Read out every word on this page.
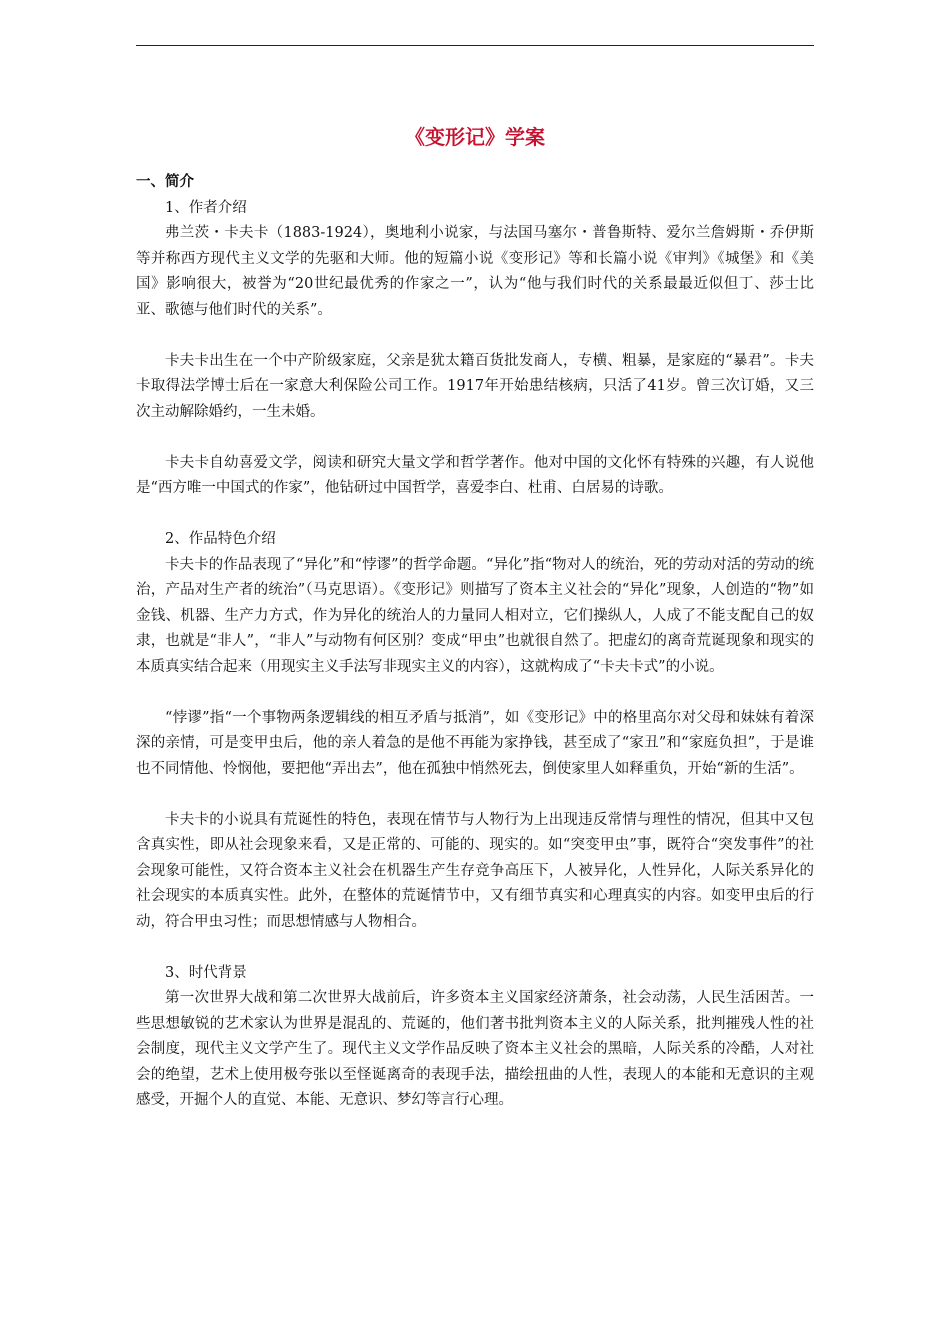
《变形记》学案

一、简介

1、作者介绍

弗兰茨・卡夫卡（1883-1924），奥地利小说家，与法国马塞尔・普鲁斯特、爱尔兰詹姆斯・乔伊斯等并称西方现代主义文学的先驱和大师。他的短篇小说《变形记》等和长篇小说《审判》《城堡》和《美国》影响很大，被誉为“20世纪最优秀的作家之一”，认为“他与我们时代的关系最最近似但丁、莎士比亚、歌德与他们时代的关系”。

卡夫卡出生在一个中产阶级家庭，父亲是犹太籍百货批发商人，专横、粗暴，是家庭的“暴君”。卡夫卡取得法学博士后在一家意大利保险公司工作。1917年开始患结核病，只活了41岁。曾三次订婚，又三次主动解除婚约，一生未婚。

卡夫卡自幼喜爱文学，阅读和研究大量文学和哲学著作。他对中国的文化怀有特殊的兴趣，有人说他是“西方唯一中国式的作家”，他钻研过中国哲学，喜爱李白、杜甫、白居易的诗歌。

2、作品特色介绍

卡夫卡的作品表现了“异化”和“悖谬”的哲学命题。“异化”指“物对人的统治，死的劳动对活的劳动的统治，产品对生产者的统治”（马克思语）。《变形记》则描写了资本主义社会的“异化”现象，人创造的“物”如金钱、机器、生产力方式，作为异化的统治人的力量同人相对立，它们操纵人，人成了不能支配自己的奴隶，也就是“非人”，“非人”与动物有何区别？变成“甲虫”也就很自然了。把虚幻的离奇荒诞现象和现实的本质真实结合起来（用现实主义手法写非现实主义的内容），这就构成了“卡夫卡式”的小说。

“悖谬”指“一个事物两条逻辑线的相互矛盾与抵消”，如《变形记》中的格里高尔对父母和妹妹有着深深的亲情，可是变甲虫后，他的亲人着急的是他不再能为家挣钱，甚至成了“家丑”和“家庭负担”，于是谁也不同情他、怜悯他，要把他“弄出去”，他在孤独中悄然死去，倒使家里人如释重负，开始“新的生活”。

卡夫卡的小说具有荒诞性的特色，表现在情节与人物行为上出现违反常情与理性的情况，但其中又包含真实性，即从社会现象来看，又是正常的、可能的、现实的。如“突变甲虫”事，既符合“突发事件”的社会现象可能性，又符合资本主义社会在机器生产生存竞争高压下，人被异化，人性异化，人际关系异化的社会现实的本质真实性。此外，在整体的荒诞情节中，又有细节真实和心理真实的内容。如变甲虫后的行动，符合甲虫习性；而思想情感与人物相合。

3、时代背景

第一次世界大战和第二次世界大战前后，许多资本主义国家经济萧条，社会动荡，人民生活困苦。一些思想敏锐的艺术家认为世界是混乱的、荒诞的，他们著书批判资本主义的人际关系，批判摧残人性的社会制度，现代主义文学产生了。现代主义文学作品反映了资本主义社会的黑暗，人际关系的冷酷，人对社会的绝望，艺术上使用极夸张以至怪诞离奇的表现手法，描绘扭曲的人性，表现人的本能和无意识的主观感受，开掘个人的直觉、本能、无意识、梦幻等言行心理。
